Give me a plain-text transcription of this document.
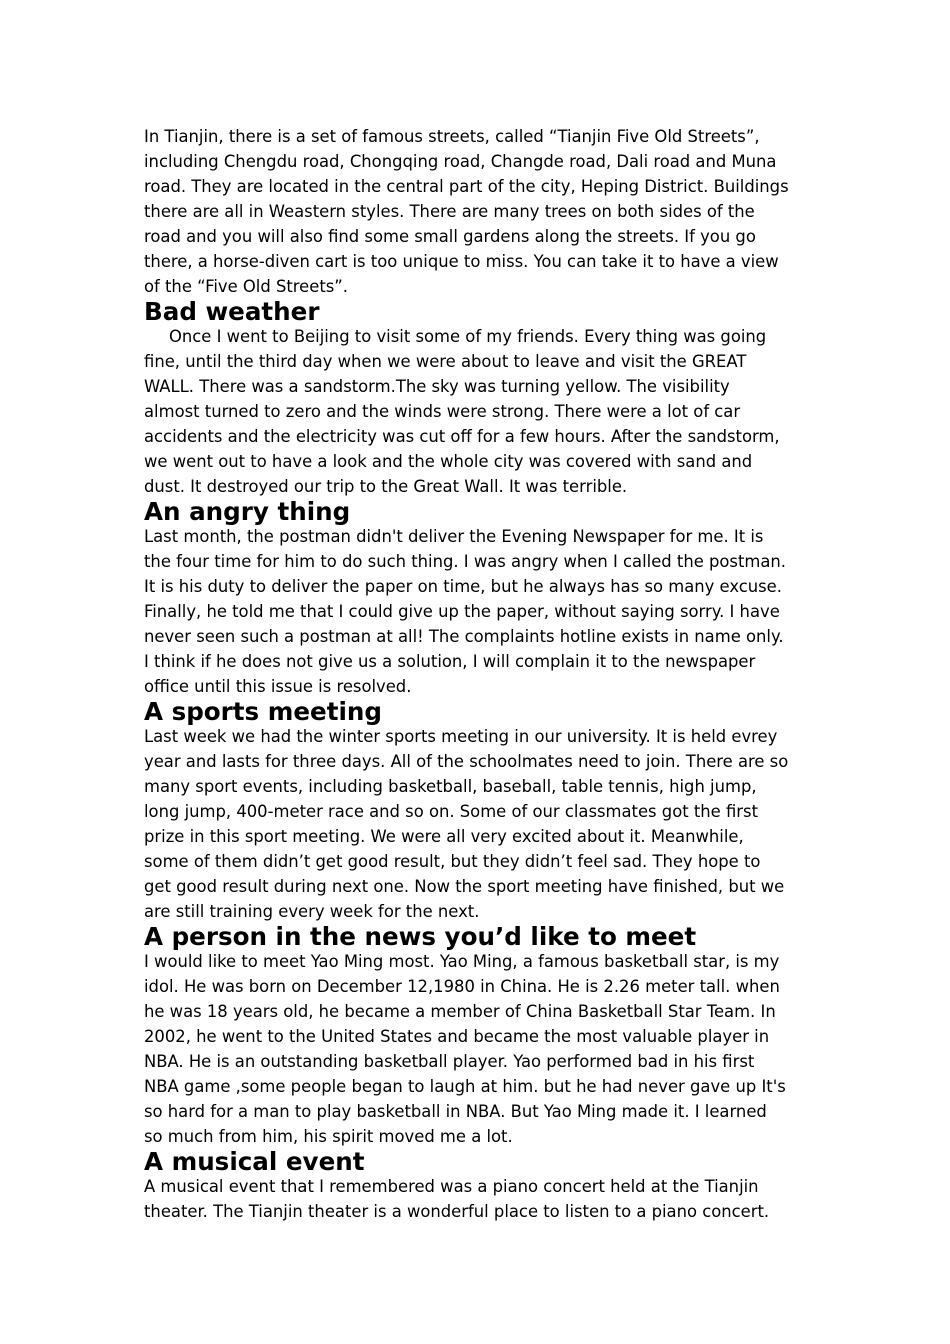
In Tianjin, there is a set of famous streets, called “Tianjin Five Old Streets”,
including Chengdu road, Chongqing road, Changde road, Dali road and Muna
road. They are located in the central part of the city, Heping District. Buildings
there are all in Weastern styles. There are many trees on both sides of the
road and you will also find some small gardens along the streets. If you go
there, a horse-diven cart is too unique to miss. You can take it to have a view
of the “Five Old Streets”.

Bad weather

Once I went to Beijing to visit some of my friends. Every thing was going
fine, until the third day when we were about to leave and visit the GREAT
WALL. There was a sandstorm.The sky was turning yellow. The visibility
almost turned to zero and the winds were strong. There were a lot of car
accidents and the electricity was cut off for a few hours. After the sandstorm,
we went out to have a look and the whole city was covered with sand and
dust. It destroyed our trip to the Great Wall. It was terrible.

An angry thing

Last month, the postman didn't deliver the Evening Newspaper for me. It is
the four time for him to do such thing. I was angry when I called the postman.
It is his duty to deliver the paper on time, but he always has so many excuse.
Finally, he told me that I could give up the paper, without saying sorry. I have
never seen such a postman at all! The complaints hotline exists in name only.
I think if he does not give us a solution, I will complain it to the newspaper
office until this issue is resolved.

A sports meeting

Last week we had the winter sports meeting in our university. It is held evrey
year and lasts for three days. All of the schoolmates need to join. There are so
many sport events, including basketball, baseball, table tennis, high jump,
long jump, 400-meter race and so on. Some of our classmates got the first
prize in this sport meeting. We were all very excited about it. Meanwhile,
some of them didn’t get good result, but they didn’t feel sad. They hope to
get good result during next one. Now the sport meeting have finished, but we
are still training every week for the next.

A person in the news you’d like to meet

I would like to meet Yao Ming most. Yao Ming, a famous basketball star, is my
idol. He was born on December 12,1980 in China. He is 2.26 meter tall. when
he was 18 years old, he became a member of China Basketball Star Team. In
2002, he went to the United States and became the most valuable player in
NBA. He is an outstanding basketball player. Yao performed bad in his first
NBA game ,some people began to laugh at him. but he had never gave up It's
so hard for a man to play basketball in NBA. But Yao Ming made it. I learned
so much from him, his spirit moved me a lot.

A musical event

A musical event that I remembered was a piano concert held at the Tianjin
theater. The Tianjin theater is a wonderful place to listen to a piano concert.
